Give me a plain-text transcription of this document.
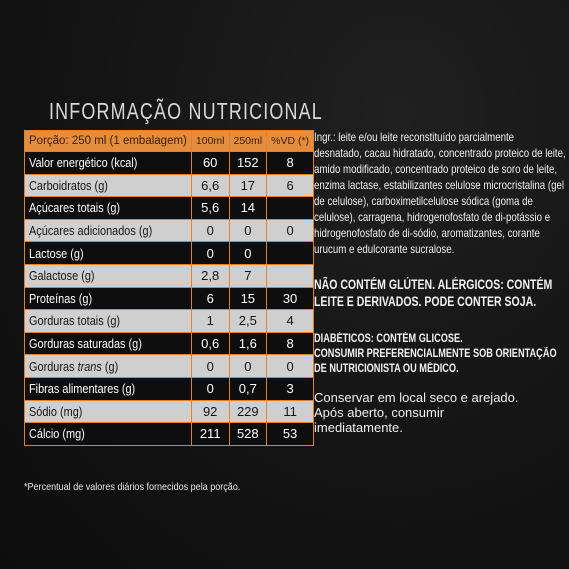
INFORMAÇÃO NUTRICIONAL
Porção: 250 ml (1 embalagem)	100ml	250ml	%VD (*)
Valor energético (kcal)	60	152	8
Carboidratos (g)	6,6	17	6
Açúcares totais (g)	5,6	14	
Açúcares adicionados (g)	0	0	0
Lactose (g)	0	0	
Galactose (g)	2,8	7	
Proteínas (g)	6	15	30
Gorduras totais (g)	1	2,5	4
Gorduras saturadas (g)	0,6	1,6	8
Gorduras trans (g)	0	0	0
Fibras alimentares (g)	0	0,7	3
Sódio (mg)	92	229	11
Cálcio (mg)	211	528	53
*Percentual de valores diários fornecidos pela porção.
Ingr.: leite e/ou leite reconstituído parcialmente
desnatado, cacau hidratado, concentrado proteico de leite,
amido modificado, concentrado proteico de soro de leite,
enzima lactase, estabilizantes celulose microcristalina (gel
de celulose), carboximetilcelulose sódica (goma de
celulose), carragena, hidrogenofosfato de di-potássio e
hidrogenofosfato de di-sódio, aromatizantes, corante
urucum e edulcorante sucralose.
NÃO CONTÉM GLÚTEN. ALÉRGICOS: CONTÉM
LEITE E DERIVADOS. PODE CONTER SOJA.
DIABÉTICOS: CONTÉM GLICOSE.
CONSUMIR PREFERENCIALMENTE SOB ORIENTAÇÃO
DE NUTRICIONISTA OU MÉDICO.
Conservar em local seco e arejado.
Após aberto, consumir
imediatamente.
